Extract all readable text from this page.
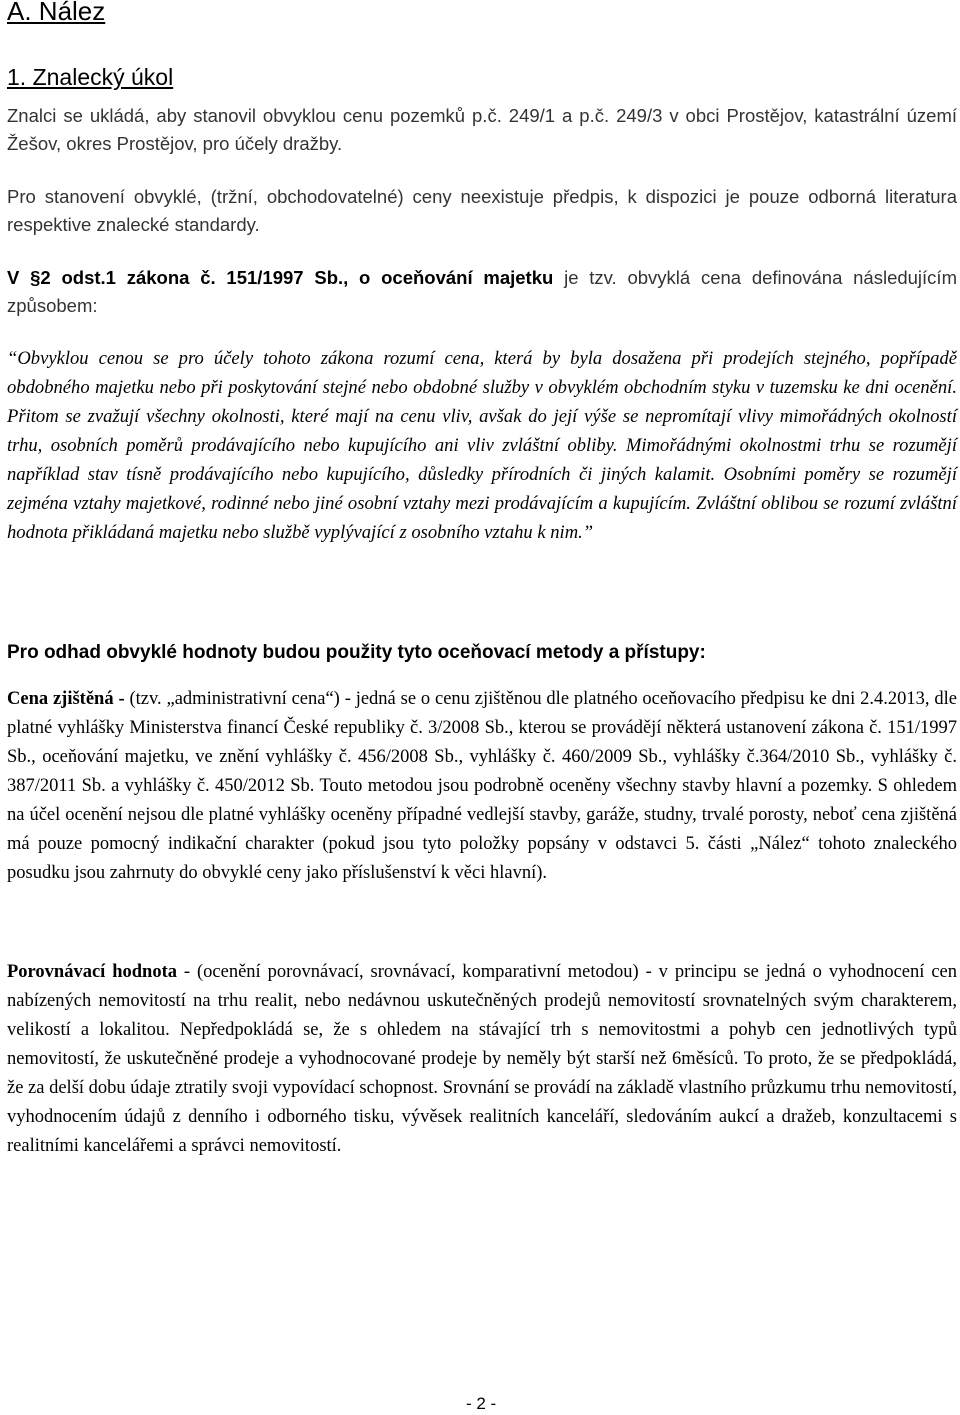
A. Nález
1. Znalecký úkol

Znalci se ukládá, aby stanovil obvyklou cenu pozemků p.č. 249/1 a p.č. 249/3 v obci Prostějov, katastrální území Žešov, okres Prostějov, pro účely dražby.

Pro stanovení obvyklé, (tržní, obchodovatelné) ceny neexistuje předpis, k dispozici je pouze odborná literatura respektive znalecké standardy.

V §2 odst.1 zákona č. 151/1997 Sb., o oceňování majetku je tzv. obvyklá cena definována následujícím způsobem:

“Obvyklou cenou se pro účely tohoto zákona rozumí cena, která by byla dosažena při prodejích stejného, popřípadě obdobného majetku nebo při poskytování stejné nebo obdobné služby v obvyklém obchodním styku v tuzemsku ke dni ocenění. Přitom se zvažují všechny okolnosti, které mají na cenu vliv, avšak do její výše se nepromítají vlivy mimořádných okolností trhu, osobních poměrů prodávajícího nebo kupujícího ani vliv zvláštní obliby. Mimořádnými okolnostmi trhu se rozumějí například stav tísně prodávajícího nebo kupujícího, důsledky přírodních či jiných kalamit. Osobními poměry se rozumějí zejména vztahy majetkové, rodinné nebo jiné osobní vztahy mezi prodávajícím a kupujícím. Zvláštní oblibou se rozumí zvláštní hodnota přikládaná majetku nebo službě vyplývající z osobního vztahu k nim.”

Pro odhad obvyklé hodnoty budou použity tyto oceňovací metody a přístupy:

Cena zjištěná - (tzv. „administrativní cena“) - jedná se o cenu zjištěnou dle platného oceňovacího předpisu ke dni 2.4.2013, dle platné vyhlášky Ministerstva financí České republiky č. 3/2008 Sb., kterou se provádějí některá ustanovení zákona č. 151/1997 Sb., oceňování majetku, ve znění vyhlášky č. 456/2008 Sb., vyhlášky č. 460/2009 Sb., vyhlášky č.364/2010 Sb., vyhlášky č. 387/2011 Sb. a vyhlášky č. 450/2012 Sb. Touto metodou jsou podrobně oceněny všechny stavby hlavní a pozemky. S ohledem na účel ocenění nejsou dle platné vyhlášky oceněny případné vedlejší stavby, garáže, studny, trvalé porosty, neboť cena zjištěná má pouze pomocný indikační charakter (pokud jsou tyto položky popsány v odstavci 5. části „Nález“ tohoto znaleckého posudku jsou zahrnuty do obvyklé ceny jako příslušenství k věci hlavní).

Porovnávací hodnota - (ocenění porovnávací, srovnávací, komparativní metodou) - v principu se jedná o vyhodnocení cen nabízených nemovitostí na trhu realit, nebo nedávnou uskutečněných prodejů nemovitostí srovnatelných svým charakterem, velikostí a lokalitou. Nepředpokládá se, že s ohledem na stávající trh s nemovitostmi a pohyb cen jednotlivých typů nemovitostí, že uskutečněné prodeje a vyhodnocované prodeje by neměly být starší než 6měsíců. To proto, že se předpokládá, že za delší dobu údaje ztratily svoji vypovídací schopnost. Srovnání se provádí na základě vlastního průzkumu trhu nemovitostí, vyhodnocením údajů z denního i odborného tisku, vývěsek realitních kanceláří, sledováním aukcí a dražeb, konzultacemi s realitními kancelářemi a správci nemovitostí.

- 2 -
